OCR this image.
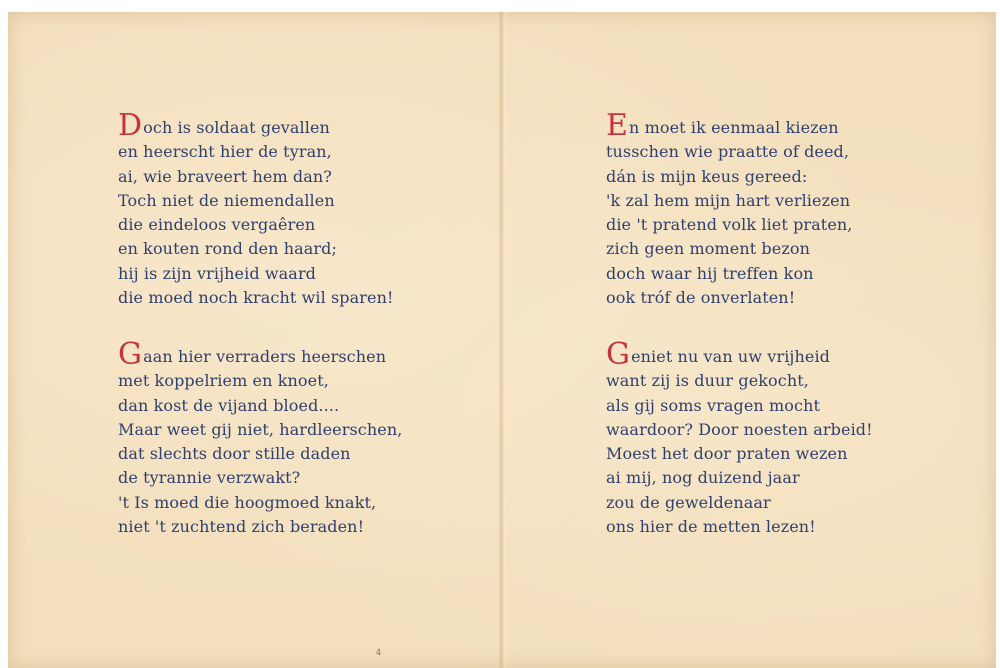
Doch is soldaat gevallen
en heerscht hier de tyran,
ai, wie braveert hem dan?
Toch niet de niemendallen
die eindeloos vergaêren
en kouten rond den haard;
hij is zijn vrijheid waard
die moed noch kracht wil sparen!
Gaan hier verraders heerschen
met koppelriem en knoet,
dan kost de vijand bloed....
Maar weet gij niet, hardleerschen,
dat slechts door stille daden
de tyrannie verzwakt?
't Is moed die hoogmoed knakt,
niet 't zuchtend zich beraden!
4
En moet ik eenmaal kiezen
tusschen wie praatte of deed,
dán is mijn keus gereed:
'k zal hem mijn hart verliezen
die 't pratend volk liet praten,
zich geen moment bezon
doch waar hij treffen kon
ook tróf de onverlaten!
Geniet nu van uw vrijheid
want zij is duur gekocht,
als gij soms vragen mocht
waardoor? Door noesten arbeid!
Moest het door praten wezen
ai mij, nog duizend jaar
zou de geweldenaar
ons hier de metten lezen!
